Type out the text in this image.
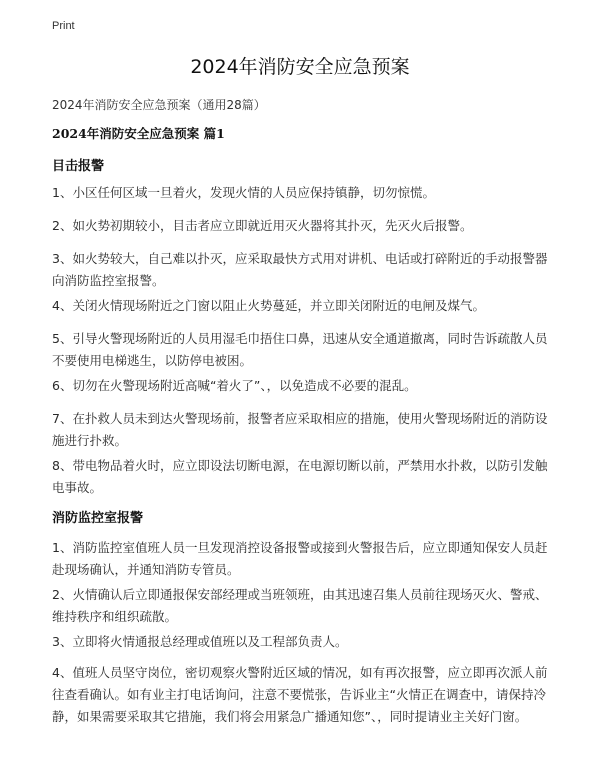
Print
2024年消防安全应急预案
2024年消防安全应急预案（通用28篇）
2024年消防安全应急预案 篇1
目击报警

1、小区任何区域一旦着火，发现火情的人员应保持镇静，切勿惊慌。

2、如火势初期较小，目击者应立即就近用灭火器将其扑灭，先灭火后报警。

3、如火势较大，自己难以扑灭，应采取最快方式用对讲机、电话或打碎附近的手动报警器向消防监控室报警。

4、关闭火情现场附近之门窗以阻止火势蔓延，并立即关闭附近的电闸及煤气。

5、引导火警现场附近的人员用湿毛巾捂住口鼻，迅速从安全通道撤离，同时告诉疏散人员不要使用电梯逃生，以防停电被困。

6、切勿在火警现场附近高喊“着火了”、，以免造成不必要的混乱。

7、在扑救人员未到达火警现场前，报警者应采取相应的措施，使用火警现场附近的消防设施进行扑救。

8、带电物品着火时，应立即设法切断电源，在电源切断以前，严禁用水扑救，以防引发触电事故。

消防监控室报警

1、消防监控室值班人员一旦发现消控设备报警或接到火警报告后，应立即通知保安人员赶赴现场确认，并通知消防专管员。

2、火情确认后立即通报保安部经理或当班领班，由其迅速召集人员前往现场灭火、警戒、维持秩序和组织疏散。

3、立即将火情通报总经理或值班以及工程部负责人。

4、值班人员坚守岗位，密切观察火警附近区域的情况，如有再次报警，应立即再次派人前往查看确认。如有业主打电话询问，注意不要慌张，告诉业主“火情正在调查中，请保持冷静，如果需要采取其它措施，我们将会用紧急广播通知您”、，同时提请业主关好门窗。
